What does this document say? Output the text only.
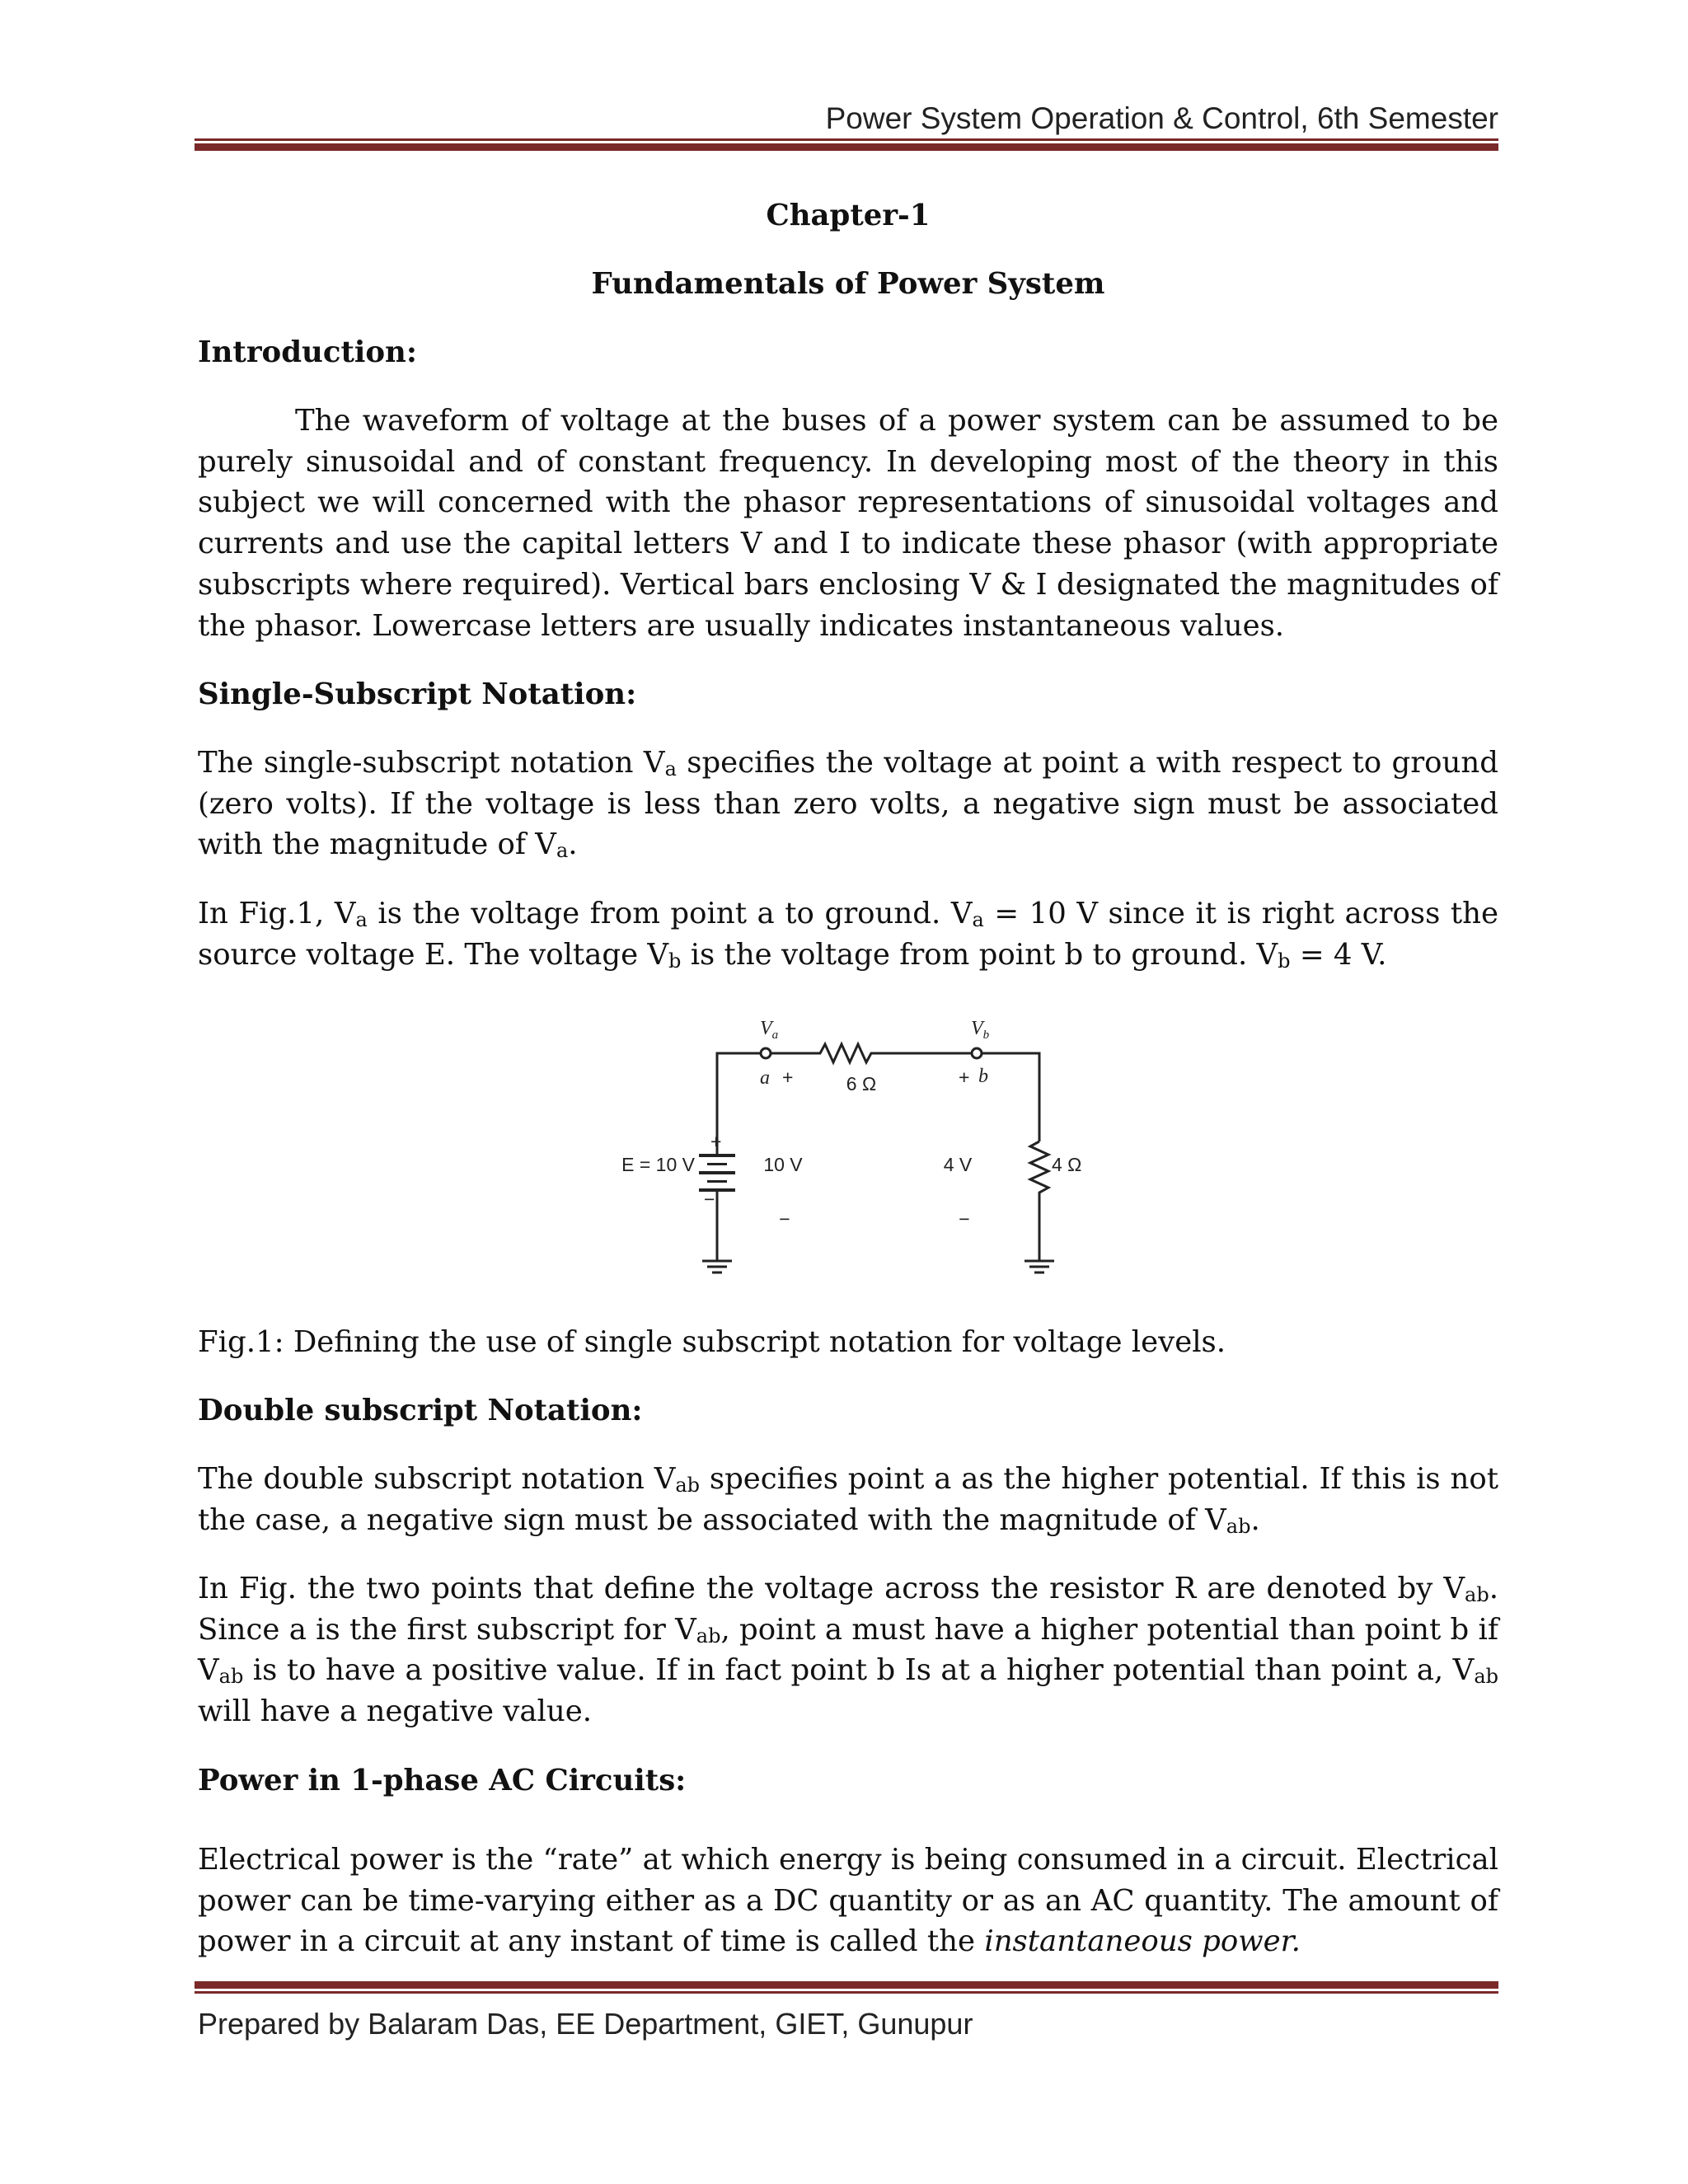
Power System Operation & Control, 6th Semester
Chapter-1
Fundamentals of Power System
Introduction:
The waveform of voltage at the buses of a power system can be assumed to be purely sinusoidal and of constant frequency. In developing most of the theory in this subject we will concerned with the phasor representations of sinusoidal voltages and currents and use the capital letters V and I to indicate these phasor (with appropriate subscripts where required). Vertical bars enclosing V & I designated the magnitudes of the phasor. Lowercase letters are usually indicates instantaneous values.
Single-Subscript Notation:
The single-subscript notation $V_a$ specifies the voltage at point a with respect to ground (zero volts). If the voltage is less than zero volts, a negative sign must be associated with the magnitude of $V_a$.
In Fig.1, $V_a$ is the voltage from point a to ground. $V_a = 10$ V since it is right across the source voltage E. The voltage $V_b$ is the voltage from point b to ground. $V_b = 4$ V.
$V_a$	$V_b$
a +	+ b
6 Ω
4 Ω
+
−
E = 10 V	10 V	4 V
−	−
Fig.1: Defining the use of single subscript notation for voltage levels.
Double subscript Notation:
The double subscript notation $V_{ab}$ specifies point a as the higher potential. If this is not the case, a negative sign must be associated with the magnitude of $V_{ab}$.
In Fig. the two points that define the voltage across the resistor R are denoted by $V_{ab}$. Since a is the first subscript for $V_{ab}$, point a must have a higher potential than point b if $V_{ab}$ is to have a positive value. If in fact point b Is at a higher potential than point a, $V_{ab}$ will have a negative value.
Power in 1-phase AC Circuits:
Electrical power is the “rate” at which energy is being consumed in a circuit. Electrical power can be time-varying either as a DC quantity or as an AC quantity. The amount of power in a circuit at any instant of time is called the instantaneous power.
Prepared by Balaram Das, EE Department, GIET, Gunupur
